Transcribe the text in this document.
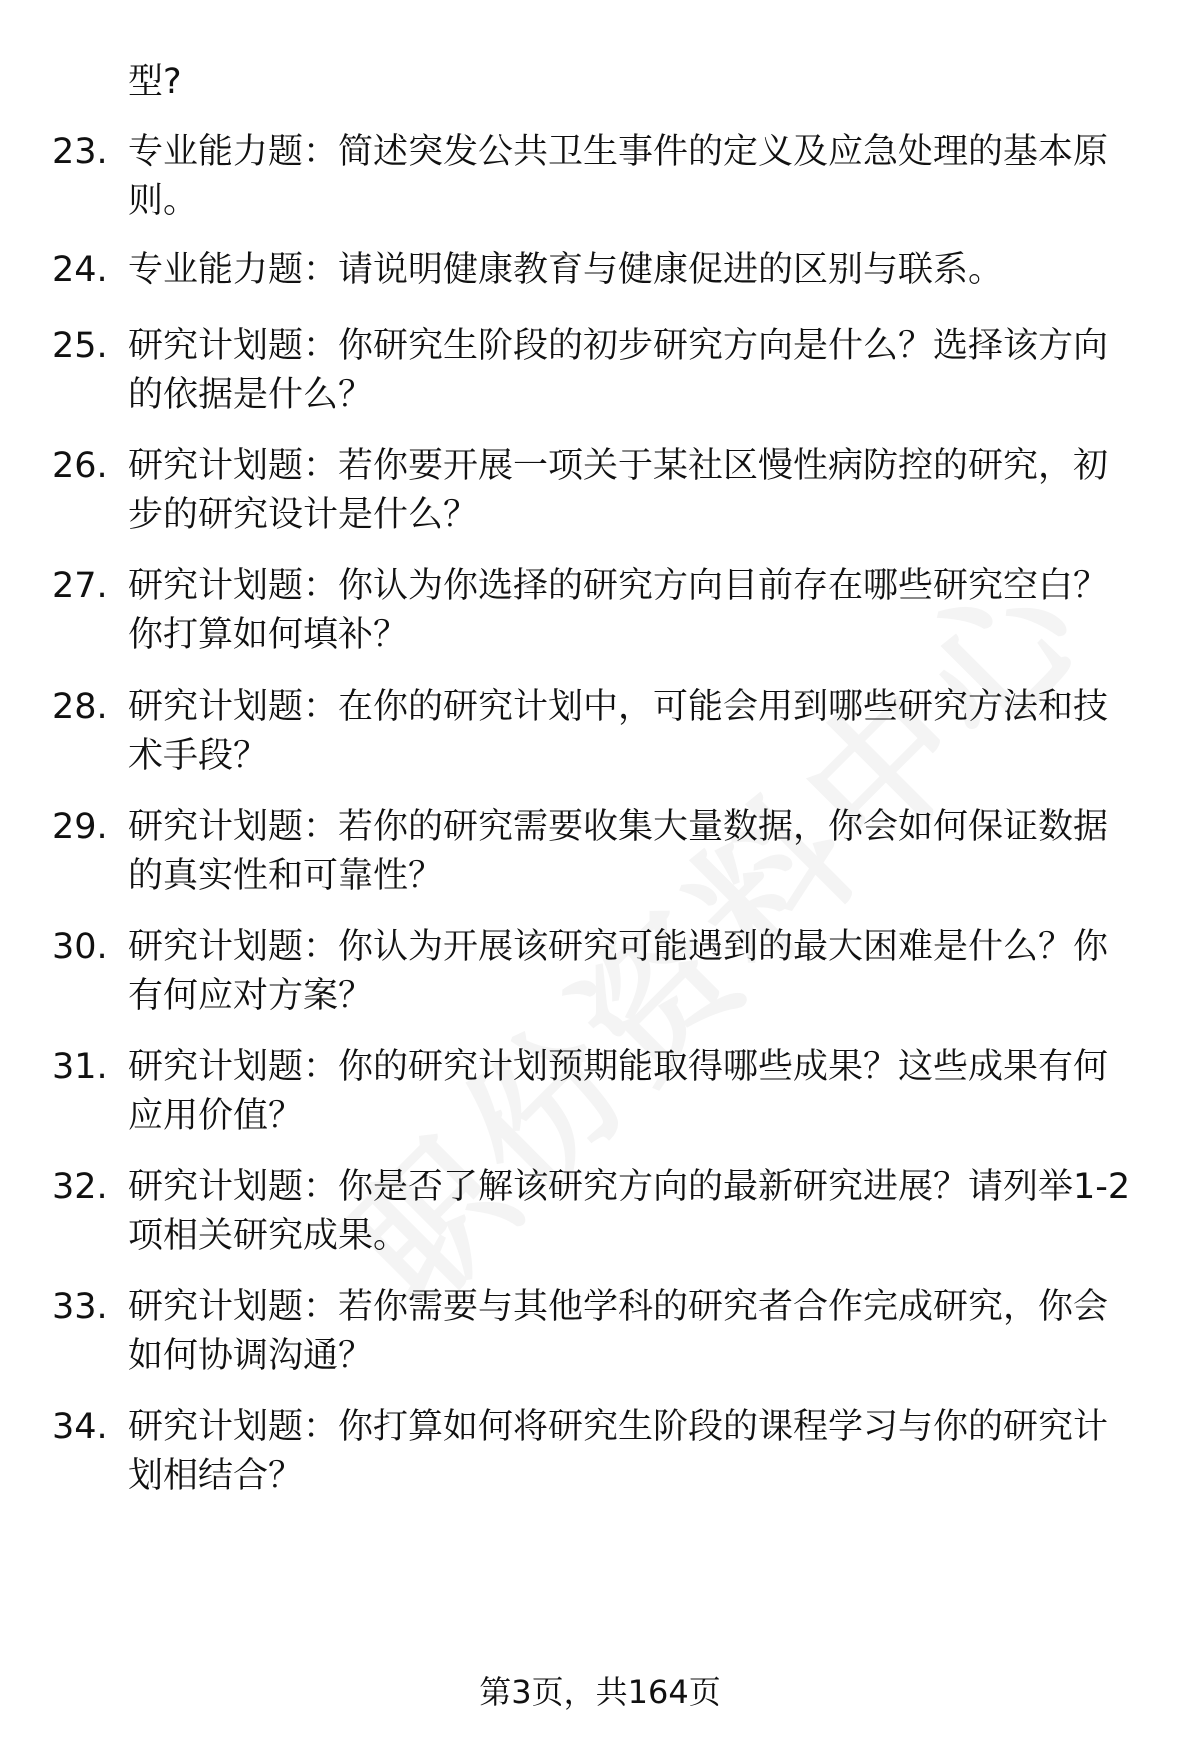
型?

23. 专业能力题：简述突发公共卫生事件的定义及应急处理的基本原则。

24. 专业能力题：请说明健康教育与健康促进的区别与联系。

25. 研究计划题：你研究生阶段的初步研究方向是什么？选择该方向的依据是什么？

26. 研究计划题：若你要开展一项关于某社区慢性病防控的研究，初步的研究设计是什么？

27. 研究计划题：你认为你选择的研究方向目前存在哪些研究空白？你打算如何填补？

28. 研究计划题：在你的研究计划中，可能会用到哪些研究方法和技术手段？

29. 研究计划题：若你的研究需要收集大量数据，你会如何保证数据的真实性和可靠性？

30. 研究计划题：你认为开展该研究可能遇到的最大困难是什么？你有何应对方案？

31. 研究计划题：你的研究计划预期能取得哪些成果？这些成果有何应用价值？

32. 研究计划题：你是否了解该研究方向的最新研究进展？请列举1-2项相关研究成果。

33. 研究计划题：若你需要与其他学科的研究者合作完成研究，你会如何协调沟通？

34. 研究计划题：你打算如何将研究生阶段的课程学习与你的研究计划相结合？

第3页，共164页
